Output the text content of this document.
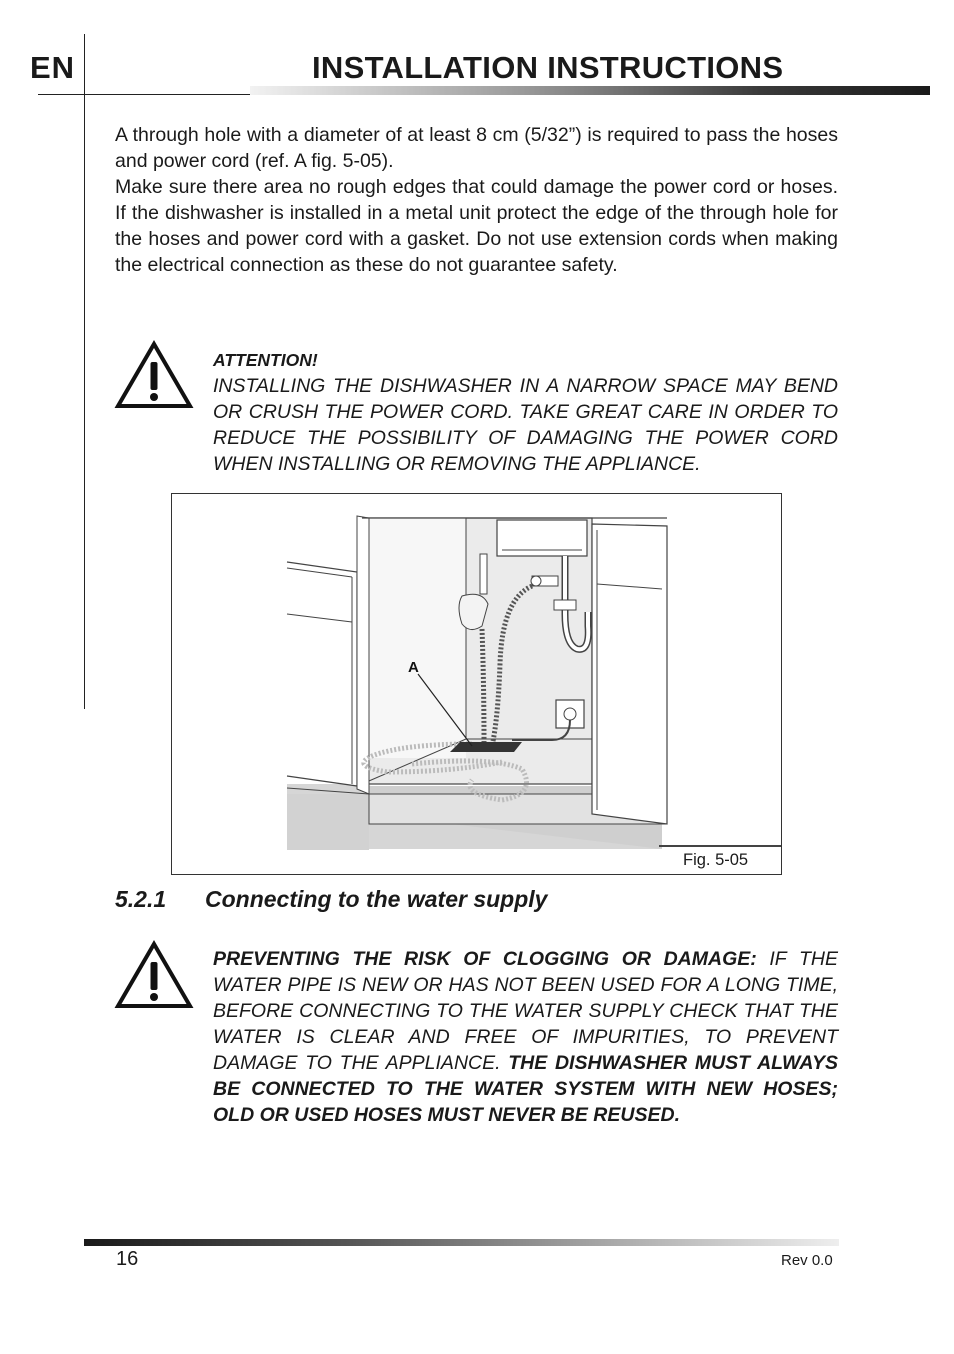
EN	INSTALLATION INSTRUCTIONS

A through hole with a diameter of at least 8 cm (5/32”) is required to pass the hoses and power cord (ref. A fig. 5-05).

Make sure there area no rough edges that could damage the power cord or hoses. If the dishwasher is installed in a metal unit protect the edge of the through hole for the hoses and power cord with a gasket. Do not use extension cords when making the electrical connection as these do not guarantee safety.

ATTENTION!

INSTALLING THE DISHWASHER IN A NARROW SPACE MAY BEND OR CRUSH THE POWER CORD. TAKE GREAT CARE IN ORDER TO REDUCE THE POSSIBILITY OF DAMAGING THE POWER CORD WHEN INSTALLING OR REMOVING THE APPLIANCE.

A
Fig. 5-05
5.2.1 Connecting to the water supply

PREVENTING THE RISK OF CLOGGING OR DAMAGE: IF THE WATER PIPE IS NEW OR HAS NOT BEEN USED FOR A LONG TIME, BEFORE CONNECTING TO THE WATER SUPPLY CHECK THAT THE WATER IS CLEAR AND FREE OF IMPURITIES, TO PREVENT DAMAGE TO THE APPLIANCE. THE DISHWASHER MUST ALWAYS BE CONNECTED TO THE WATER SYSTEM WITH NEW HOSES; OLD OR USED HOSES MUST NEVER BE REUSED.

16	Rev 0.0
